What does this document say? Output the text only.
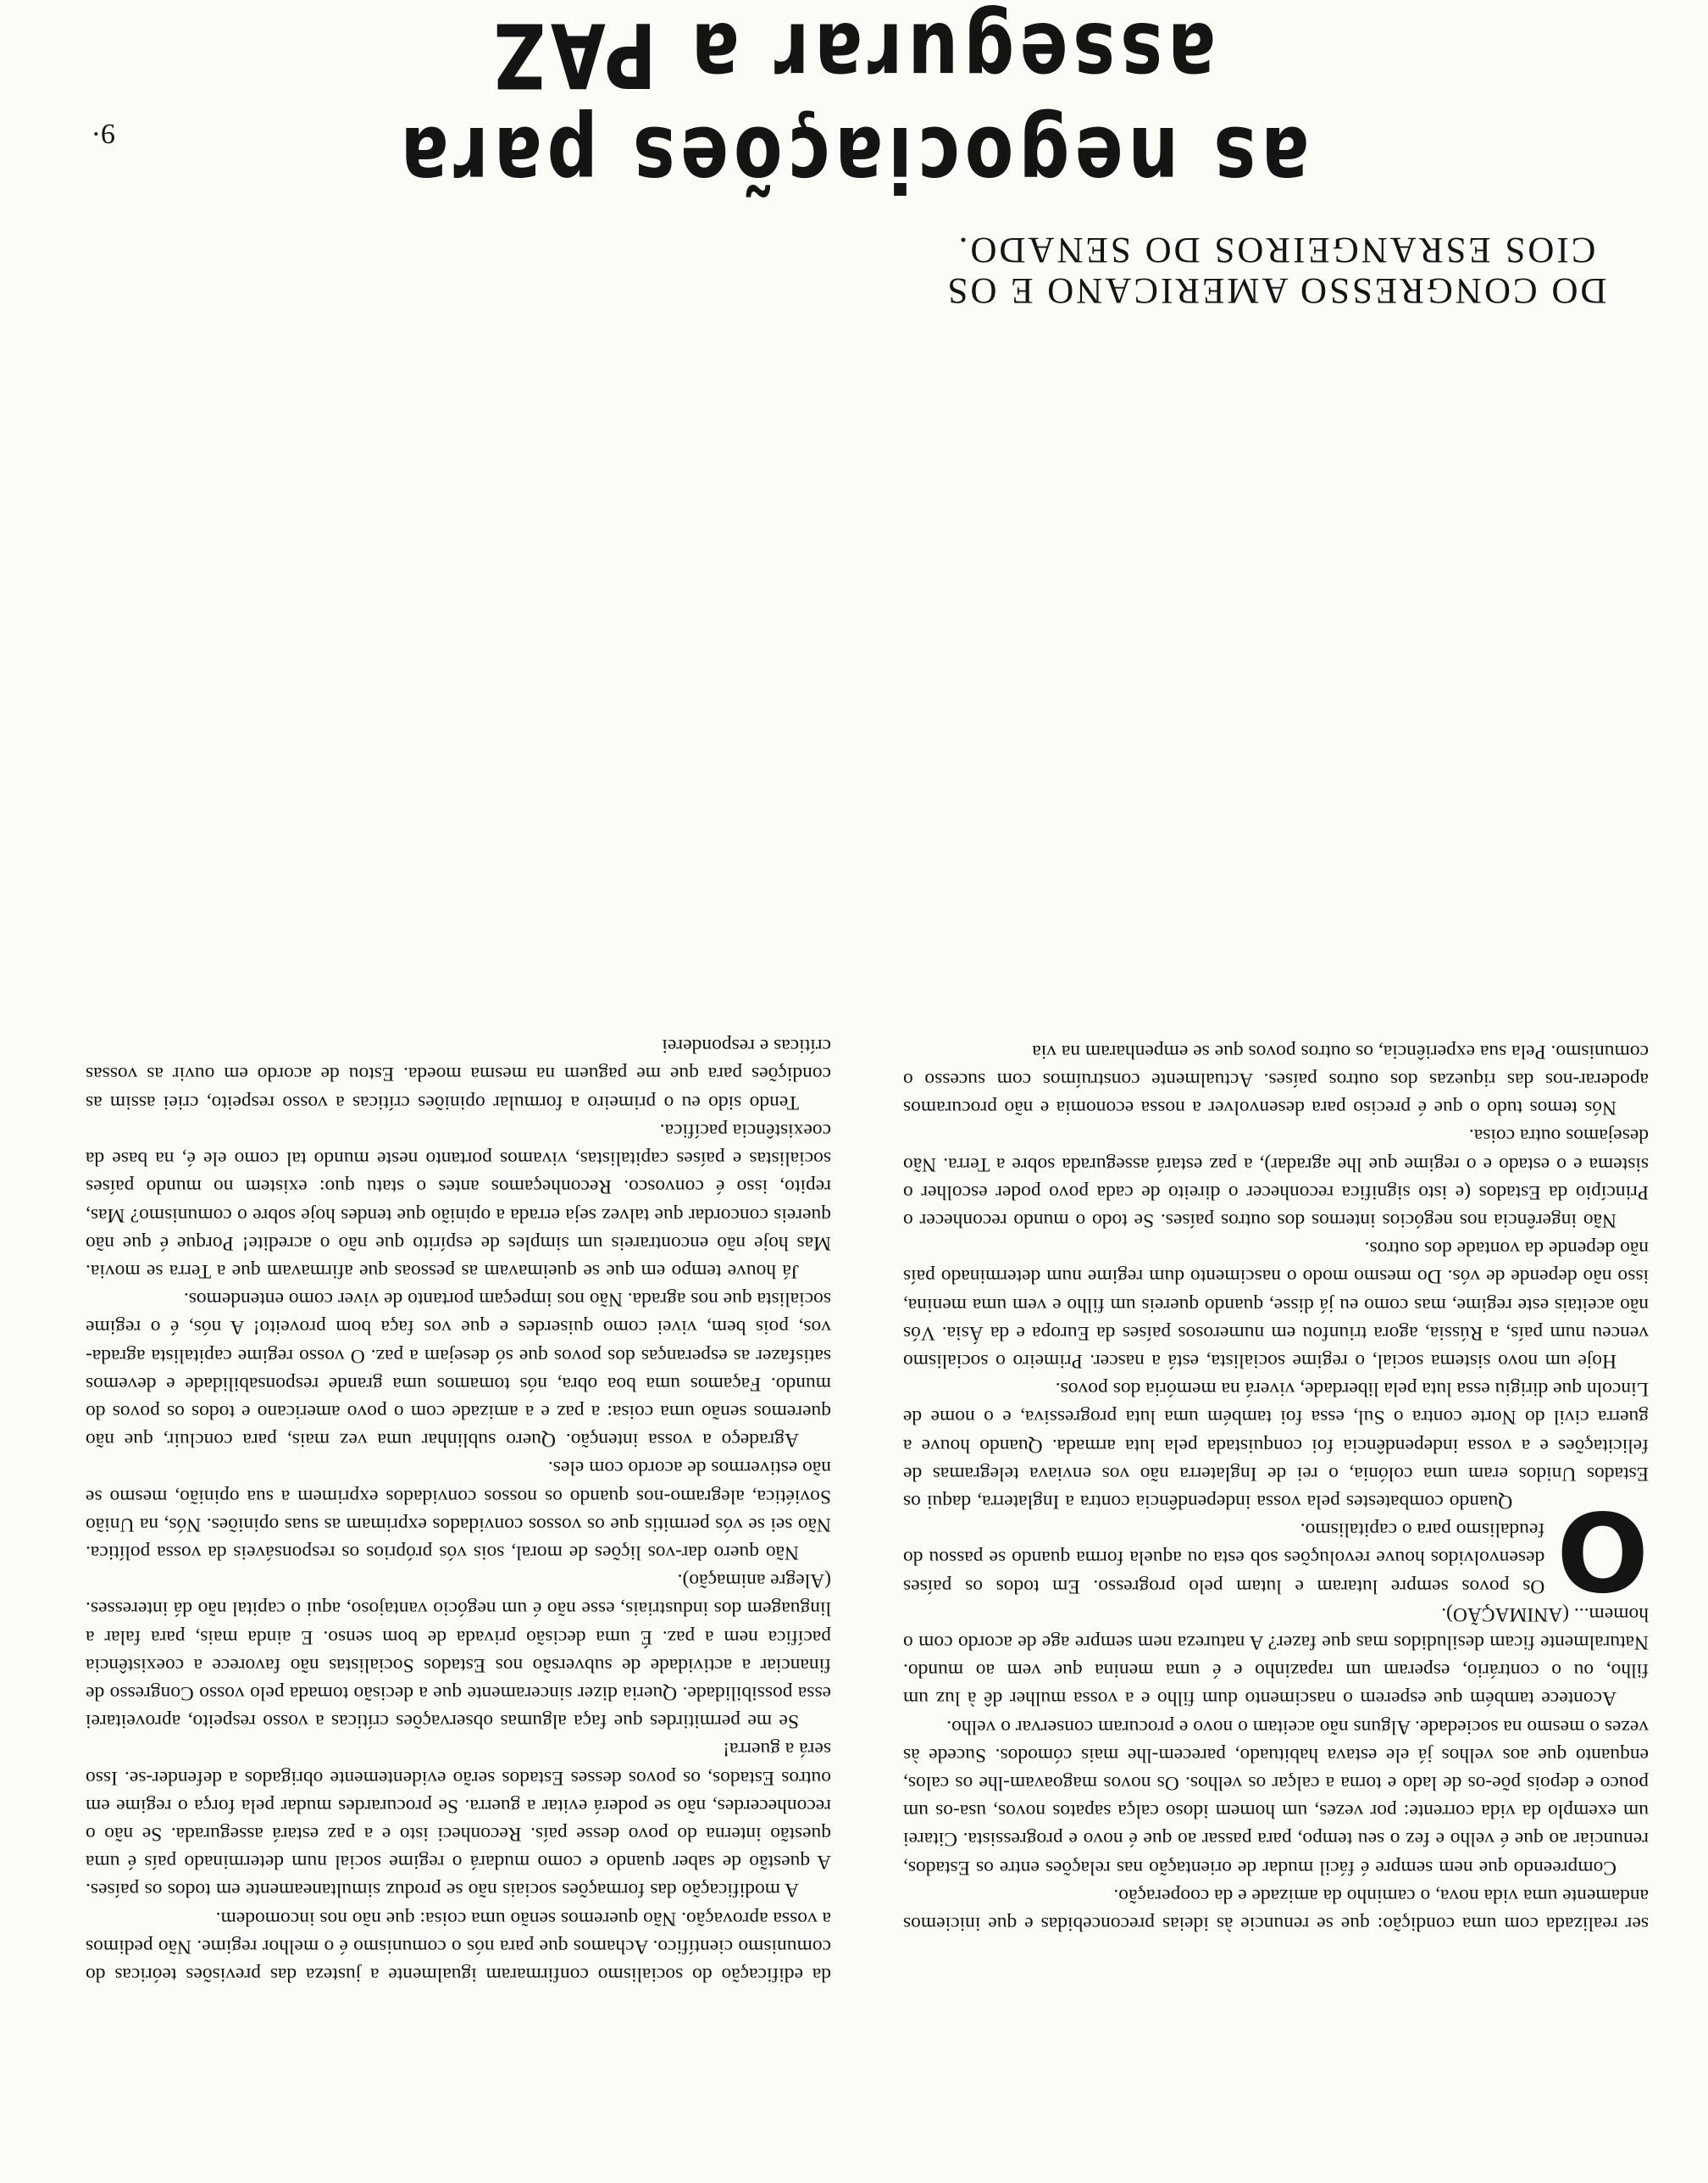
as negociações para assegurar a PAZ
DO CONGRESSO AMERICANO E OS CIOS ESRANGEIROS DO SENADO.

ser realizada com uma condição: que se renuncie às ideias preconcebidas e que iniciemos andamente uma vida nova, o caminho da amizade e da cooperação.

Compreendo que nem sempre é fácil mudar de orientação nas relações entre os Estados, renunciar ao que é velho e fez o seu tempo, para passar ao que é novo e progressista. Citarei um exemplo da vida corrente: por vezes, um homem idoso calça sapatos novos, usa-os um pouco e depois põe-os de lado e torna a calçar os velhos. Os novos magoavam-lhe os calos, enquanto que aos velhos já ele estava habituado, parecem-lhe mais cómodos. Sucede às vezes o mesmo na sociedade. Alguns não aceitam o novo e procuram conservar o velho.

Acontece também que esperem o nascimento dum filho e a vossa mulher dê à luz um filho, ou o contrário, esperam um rapazinho e é uma menina que vem ao mundo. Naturalmente ficam desiludidos mas que fazer? A natureza nem sempre age de acordo com o homem... (ANIMAÇÃO).

O
Os povos sempre lutaram e lutam pelo progresso. Em todos os países desenvolvidos houve revoluções sob esta ou aquela forma quando se passou do feudalismo para o capitalismo.

Quando combatestes pela vossa independência contra a Inglaterra, daqui os Estados Unidos eram uma colónia, o rei de Inglaterra não vos enviava telegramas de felicitações e a vossa independência foi conquistada pela luta armada. Quando houve a guerra civil do Norte contra o Sul, essa foi também uma luta progressiva, e o nome de Lincoln que dirigiu essa luta pela liberdade, viverá na memória dos povos.

Hoje um novo sistema social, o regime socialista, está a nascer. Primeiro o socialismo venceu num país, a Rússia, agora triunfou em numerosos países da Europa e da Ásia. Vós não aceitais este regime, mas como eu já disse, quando quereis um filho e vem uma menina, isso não depende de vós. Do mesmo modo o nascimento dum regime num determinado país não depende da vontade dos outros.

Não ingerência nos negócios internos dos outros países. Se todo o mundo reconhecer o Princípio da Estados (e isto significa reconhecer o direito de cada povo poder escolher o sistema e o estado e o regime que lhe agradar), a paz estará assegurada sobre a Terra. Não desejamos outra coisa.

Nós temos tudo o que é preciso para desenvolver a nossa economia e não procuramos apoderar-nos das riquezas dos outros países. Actualmente construímos com sucesso o comunismo. Pela sua experiência, os outros povos que se empenharam na via

da edificação do socialismo confirmaram igualmente a justeza das previsões teóricas do comunismo científico. Achamos que para nós o comunismo é o melhor regime. Não pedimos a vossa aprovação. Não queremos senão uma coisa: que não nos incomodem.

A modificação das formações sociais não se produz simultaneamente em todos os países. A questão de saber quando e como mudará o regime social num determinado país é uma questão interna do povo desse país. Reconheci isto e a paz estará assegurada. Se não o reconhecerdes, não se poderá evitar a guerra. Se procurardes mudar pela força o regime em outros Estados, os povos desses Estados serão evidentemente obrigados a defender-se. Isso será a guerra!

Se me permitirdes que faça algumas observações críticas a vosso respeito, aproveitarei essa possibilidade. Queria dizer sinceramente que a decisão tomada pelo vosso Congresso de financiar a actividade de subversão nos Estados Socialistas não favorece a coexistência pacífica nem a paz. É uma decisão privada de bom senso. E ainda mais, para falar a linguagem dos industriais, esse não é um negócio vantajoso, aqui o capital não dá interesses. (Alegre animação).

Não quero dar-vos lições de moral, sois vós próprios os responsáveis da vossa política. Não sei se vós permitis que os vossos convidados exprimam as suas opiniões. Nós, na União Soviética, alegramo-nos quando os nossos convidados exprimem a sua opinião, mesmo se não estivermos de acordo com eles.

Agradeço a vossa intenção. Quero sublinhar uma vez mais, para concluir, que não queremos senão uma coisa: a paz e a amizade com o povo americano e todos os povos do mundo. Façamos uma boa obra, nós tomamos uma grande responsabilidade e devemos satisfazer as esperanças dos povos que só desejam a paz. O vosso regime capitalista agrada-vos, pois bem, vivei como quiserdes e que vos faça bom proveito! A nós, é o regime socialista que nos agrada. Não nos impeçam portanto de viver como entendemos.

Já houve tempo em que se queimavam as pessoas que afirmavam que a Terra se movia. Mas hoje não encontrareis um simples de espírito que não o acredite! Porque é que não quereis concordar que talvez seja errada a opinião que tendes hoje sobre o comunismo? Mas, repito, isso é convosco. Reconheçamos antes o statu quo: existem no mundo países socialistas e países capitalistas, vivamos portanto neste mundo tal como ele é, na base da coexistência pacífica.

Tendo sido eu o primeiro a formular opiniões críticas a vosso respeito, criei assim as condições para que me paguem na mesma moeda. Estou de acordo em ouvir as vossas críticas e responderei

9·
